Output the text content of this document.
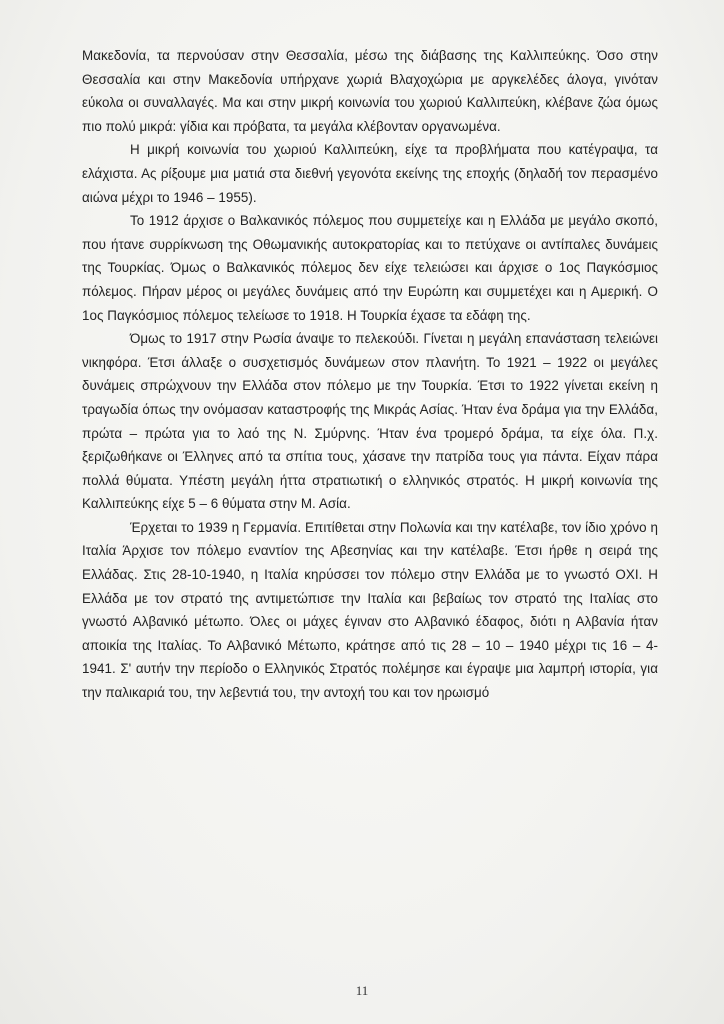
Μακεδονία, τα περνούσαν στην Θεσσαλία, μέσω της διάβασης της Καλλιπεύκης. Όσο στην Θεσσαλία και στην Μακεδονία υπήρχανε χωριά Βλαχοχώρια με αργκελέδες άλογα, γινόταν εύκολα οι συναλλαγές. Μα και στην μικρή κοινωνία του χωριού Καλλιπεύκη, κλέβανε ζώα όμως πιο πολύ μικρά: γίδια και πρόβατα, τα μεγάλα κλέβονταν οργανωμένα.

Η μικρή κοινωνία του χωριού Καλλιπεύκη, είχε τα προβλήματα που κατέγραψα, τα ελάχιστα. Ας ρίξουμε μια ματιά στα διεθνή γεγονότα εκείνης της εποχής (δηλαδή τον περασμένο αιώνα μέχρι το 1946 – 1955).

Το 1912 άρχισε ο Βαλκανικός πόλεμος που συμμετείχε και η Ελλάδα με μεγάλο σκοπό, που ήτανε συρρίκνωση της Οθωμανικής αυτοκρατορίας και το πετύχανε οι αντίπαλες δυνάμεις της Τουρκίας. Όμως ο Βαλκανικός πόλεμος δεν είχε τελειώσει και άρχισε ο 1ος Παγκόσμιος πόλεμος. Πήραν μέρος οι μεγάλες δυνάμεις από την Ευρώπη και συμμετέχει και η Αμερική. Ο 1ος Παγκόσμιος πόλεμος τελείωσε το 1918. Η Τουρκία έχασε τα εδάφη της.

Όμως το 1917 στην Ρωσία άναψε το πελεκούδι. Γίνεται η μεγάλη επανάσταση τελειώνει νικηφόρα. Έτσι άλλαξε ο συσχετισμός δυνάμεων στον πλανήτη. Το 1921 – 1922 οι μεγάλες δυνάμεις σπρώχνουν την Ελλάδα στον πόλεμο με την Τουρκία. Έτσι το 1922 γίνεται εκείνη η τραγωδία όπως την ονόμασαν καταστροφής της Μικράς Ασίας. Ήταν ένα δράμα για την Ελλάδα, πρώτα – πρώτα για το λαό της Ν. Σμύρνης. Ήταν ένα τρομερό δράμα, τα είχε όλα. Π.χ. ξεριζωθήκανε οι Έλληνες από τα σπίτια τους, χάσανε την πατρίδα τους για πάντα. Είχαν πάρα πολλά θύματα. Υπέστη μεγάλη ήττα στρατιωτική ο ελληνικός στρατός. Η μικρή κοινωνία της Καλλιπεύκης είχε 5 – 6 θύματα στην Μ. Ασία.

Έρχεται το 1939 η Γερμανία. Επιτίθεται στην Πολωνία και την κατέλαβε, τον ίδιο χρόνο η Ιταλία Άρχισε τον πόλεμο εναντίον της Αβεσηνίας και την κατέλαβε. Έτσι ήρθε η σειρά της Ελλάδας. Στις 28-10-1940, η Ιταλία κηρύσσει τον πόλεμο στην Ελλάδα με το γνωστό ΟΧΙ. Η Ελλάδα με τον στρατό της αντιμετώπισε την Ιταλία και βεβαίως τον στρατό της Ιταλίας στο γνωστό Αλβανικό μέτωπο. Όλες οι μάχες έγιναν στο Αλβανικό έδαφος, διότι η Αλβανία ήταν αποικία της Ιταλίας. Το Αλβανικό Μέτωπο, κράτησε από τις 28 – 10 – 1940 μέχρι τις 16 – 4-1941. Σ' αυτήν την περίοδο ο Ελληνικός Στρατός πολέμησε και έγραψε μια λαμπρή ιστορία, για την παλικαριά του, την λεβεντιά του, την αντοχή του και τον ηρωισμό

11
